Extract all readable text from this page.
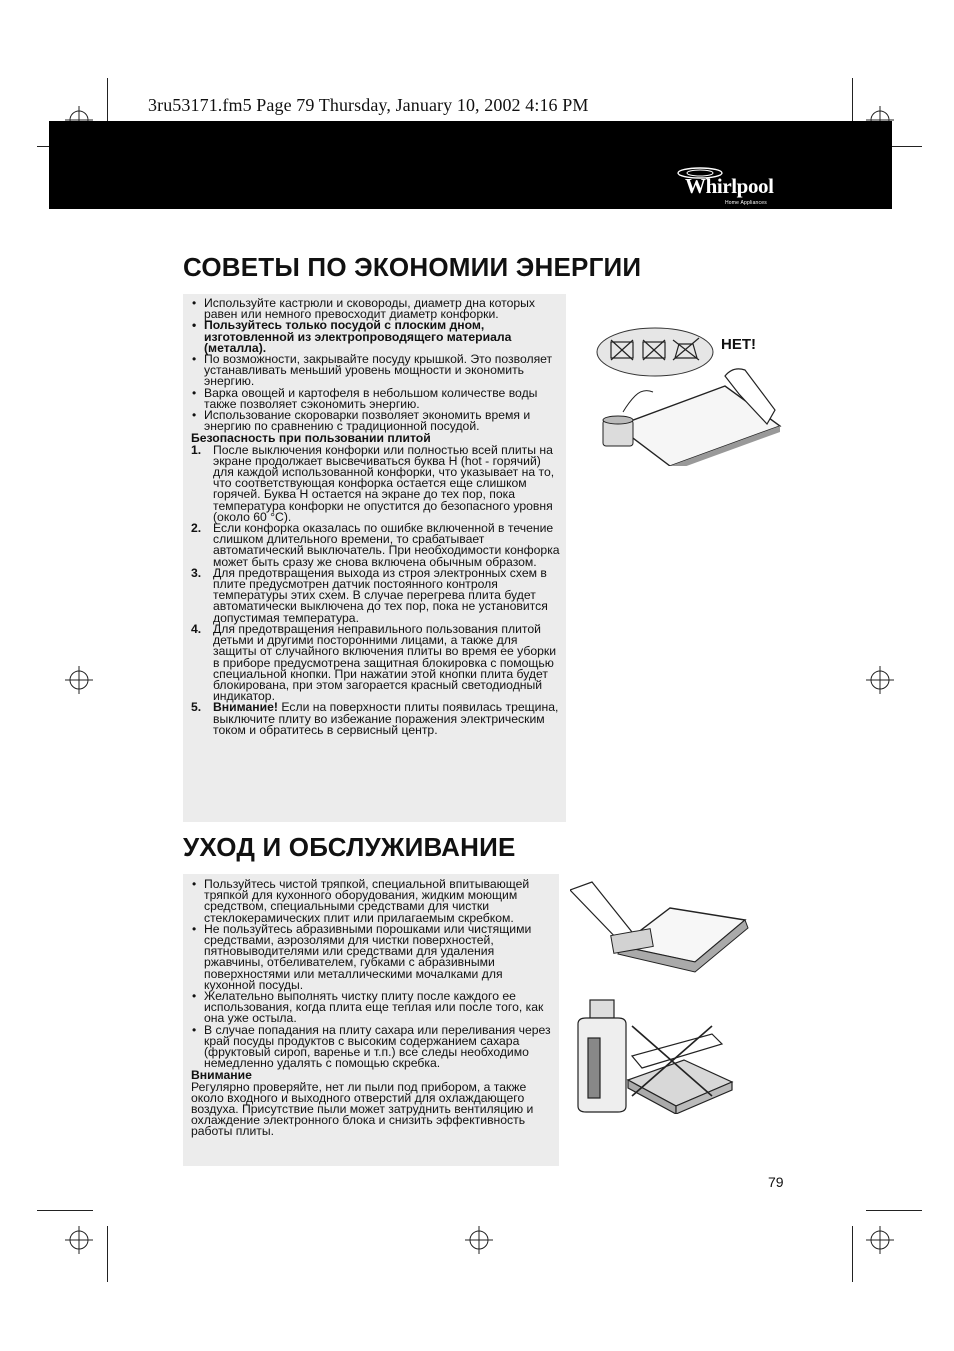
3ru53171.fm5 Page 79 Thursday, January 10, 2002 4:16 PM
Whirlpool
Home Appliances
СОВЕТЫ ПО ЭКОНОМИИ ЭНЕРГИИ
• Используйте кастрюли и сковороды, диаметр дна которых равен или немного превосходит диаметр конфорки.
• Пользуйтесь только посудой с плоским дном, изготовленной из электропроводящего материала (металла).
• По возможности, закрывайте посуду крышкой. Это позволяет устанавливать меньший уровень мощности и экономить энергию.
• Варка овощей и картофеля в небольшом количестве воды также позволяет сэкономить энергию.
• Использование скороварки позволяет экономить время и энергию по сравнению с традиционной посудой.
Безопасность при пользовании плитой
1. После выключения конфорки или полностью всей плиты на экране продолжает высвечиваться буква H (hot - горячий) для каждой использованной конфорки, что указывает на то, что соответствующая конфорка остается еще слишком горячей. Буква H остается на экране до тех пор, пока температура конфорки не опустится до безопасного уровня (около 60 °C).
2. Если конфорка оказалась по ошибке включенной в течение слишком длительного времени, то срабатывает автоматический выключатель. При необходимости конфорка может быть сразу же снова включена обычным образом.
3. Для предотвращения выхода из строя электронных схем в плите предусмотрен датчик постоянного контроля температуры этих схем. В случае перегрева плита будет автоматически выключена до тех пор, пока не установится допустимая температура.
4. Для предотвращения неправильного пользования плитой детьми и другими посторонними лицами, а также для защиты от случайного включения плиты во время ее уборки в приборе предусмотрена защитная блокировка с помощью специальной кнопки. При нажатии этой кнопки плита будет блокирована, при этом загорается красный светодиодный индикатор.
5. Внимание! Если на поверхности плиты появилась трещина, выключите плиту во избежание поражения электрическим током и обратитесь в сервисный центр.
НЕТ!
УХОД И ОБСЛУЖИВАНИЕ
• Пользуйтесь чистой тряпкой, специальной впитывающей тряпкой для кухонного оборудования, жидким моющим средством, специальными средствами для чистки стеклокерамических плит или прилагаемым скребком.
• Не пользуйтесь абразивными порошками или чистящими средствами, аэрозолями для чистки поверхностей, пятновыводителями или средствами для удаления ржавчины, отбеливателем, губками с абразивными поверхностями или металлическими мочалками для кухонной посуды.
• Желательно выполнять чистку плиту после каждого ее использования, когда плита еще теплая или после того, как она уже остыла.
• В случае попадания на плиту сахара или переливания через край посуды продуктов с высоким содержанием сахара (фруктовый сироп, варенье и т.п.) все следы необходимо немедленно удалять с помощью скребка.
Внимание
Регулярно проверяйте, нет ли пыли под прибором, а также около входного и выходного отверстий для охлаждающего воздуха. Присутствие пыли может затруднить вентиляцию и охлаждение электронного блока и снизить эффективность работы плиты.
79
